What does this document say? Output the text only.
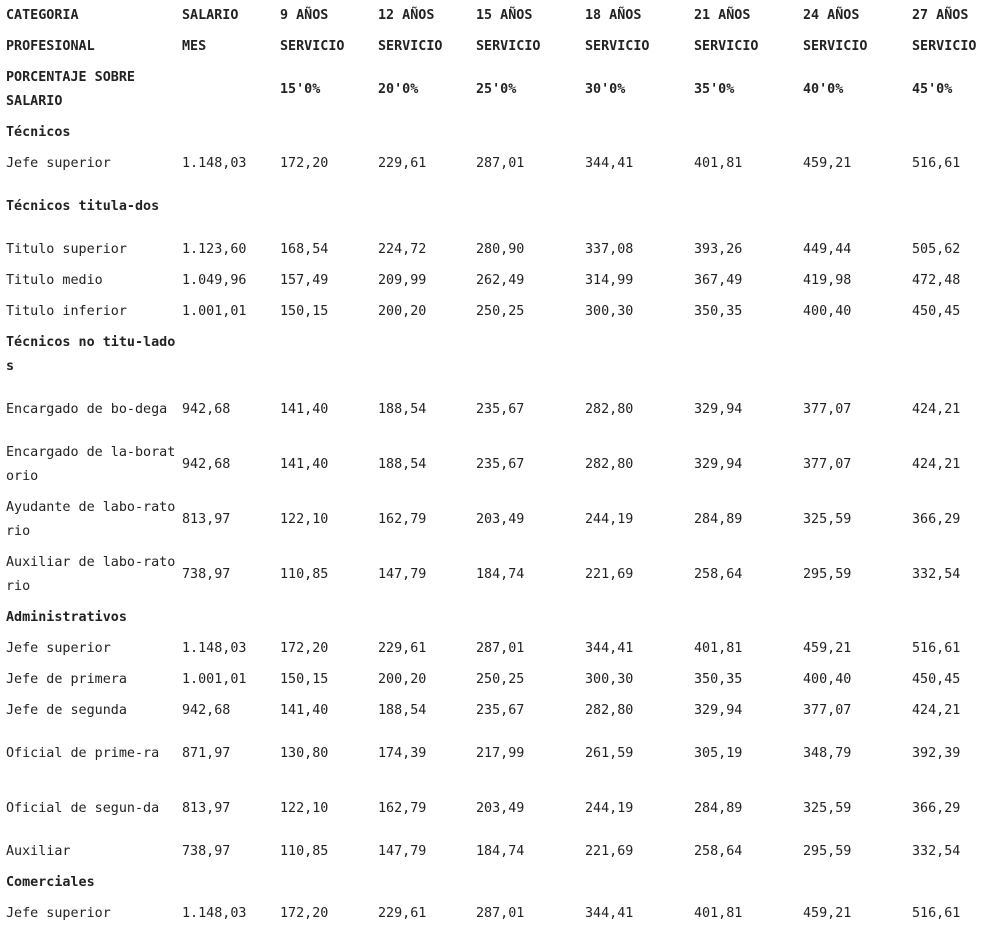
CATEGORIA	SALARIO	9 AÑOS	12 AÑOS	15 AÑOS	18 AÑOS	21 AÑOS	24 AÑOS	27 AÑOS
PROFESIONAL	MES	SERVICIO	SERVICIO	SERVICIO	SERVICIO	SERVICIO	SERVICIO	SERVICIO
PORCENTAJE SOBRE SALARIO		15'0%	20'0%	25'0%	30'0%	35'0%	40'0%	45'0%
Técnicos								
Jefe superior	1.148,03	172,20	229,61	287,01	344,41	401,81	459,21	516,61
Técnicos titula-dos								
Titulo superior	1.123,60	168,54	224,72	280,90	337,08	393,26	449,44	505,62
Titulo medio	1.049,96	157,49	209,99	262,49	314,99	367,49	419,98	472,48
Titulo inferior	1.001,01	150,15	200,20	250,25	300,30	350,35	400,40	450,45
Técnicos no titu-lados								
Encargado de bo-dega	942,68	141,40	188,54	235,67	282,80	329,94	377,07	424,21
Encargado de la-boratorio	942,68	141,40	188,54	235,67	282,80	329,94	377,07	424,21
Ayudante de labo-ratorio	813,97	122,10	162,79	203,49	244,19	284,89	325,59	366,29
Auxiliar de labo-ratorio	738,97	110,85	147,79	184,74	221,69	258,64	295,59	332,54
Administrativos								
Jefe superior	1.148,03	172,20	229,61	287,01	344,41	401,81	459,21	516,61
Jefe de primera	1.001,01	150,15	200,20	250,25	300,30	350,35	400,40	450,45
Jefe de segunda	942,68	141,40	188,54	235,67	282,80	329,94	377,07	424,21
Oficial de prime-ra	871,97	130,80	174,39	217,99	261,59	305,19	348,79	392,39
Oficial de segun-da	813,97	122,10	162,79	203,49	244,19	284,89	325,59	366,29
Auxiliar	738,97	110,85	147,79	184,74	221,69	258,64	295,59	332,54
Comerciales								
Jefe superior	1.148,03	172,20	229,61	287,01	344,41	401,81	459,21	516,61
